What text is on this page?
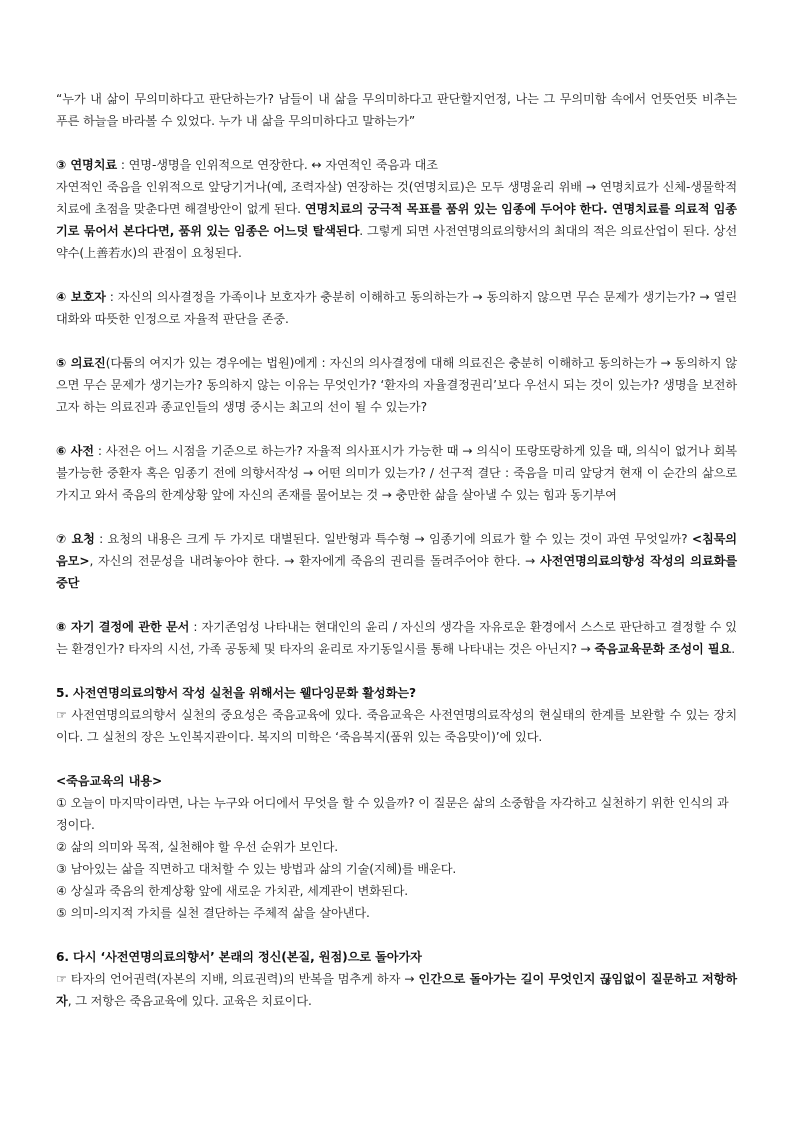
“누가 내 삶이 무의미하다고 판단하는가? 남들이 내 삶을 무의미하다고 판단할지언정, 나는 그 무의미함 속에서 언뜻언뜻 비추는 푸른 하늘을 바라볼 수 있었다. 누가 내 삶을 무의미하다고 말하는가”

③ 연명치료 : 연명-생명을 인위적으로 연장한다. ↔ 자연적인 죽음과 대조

자연적인 죽음을 인위적으로 앞당기거나(예, 조력자살) 연장하는 것(연명치료)은 모두 생명윤리 위배 → 연명치료가 신체-생물학적 치료에 초점을 맞춘다면 해결방안이 없게 된다. 연명치료의 궁극적 목표를 품위 있는 임종에 두어야 한다. 연명치료를 의료적 임종기로 묶어서 본다다면, 품위 있는 임종은 어느덧 탈색된다. 그렇게 되면 사전연명의료의향서의 최대의 적은 의료산업이 된다. 상선약수(上善若水)의 관점이 요청된다.

④ 보호자 : 자신의 의사결정을 가족이나 보호자가 충분히 이해하고 동의하는가 → 동의하지 않으면 무슨 문제가 생기는가? → 열린 대화와 따뜻한 인정으로 자율적 판단을 존중.

⑤ 의료진(다툼의 여지가 있는 경우에는 법원)에게 : 자신의 의사결정에 대해 의료진은 충분히 이해하고 동의하는가 → 동의하지 않으면 무슨 문제가 생기는가? 동의하지 않는 이유는 무엇인가? ‘환자의 자율결정권리’보다 우선시 되는 것이 있는가? 생명을 보전하고자 하는 의료진과 종교인들의 생명 중시는 최고의 선이 될 수 있는가?

⑥ 사전 : 사전은 어느 시점을 기준으로 하는가? 자율적 의사표시가 가능한 때 → 의식이 또랑또랑하게 있을 때, 의식이 없거나 회복 불가능한 중환자 혹은 임종기 전에 의향서작성 → 어떤 의미가 있는가? / 선구적 결단 : 죽음을 미리 앞당겨 현재 이 순간의 삶으로 가지고 와서 죽음의 한계상황 앞에 자신의 존재를 물어보는 것 → 충만한 삶을 살아낼 수 있는 힘과 동기부여

⑦ 요청 : 요청의 내용은 크게 두 가지로 대별된다. 일반형과 특수형 → 임종기에 의료가 할 수 있는 것이 과연 무엇일까? <침묵의 음모>, 자신의 전문성을 내려놓아야 한다. → 환자에게 죽음의 권리를 돌려주어야 한다. → 사전연명의료의향성 작성의 의료화를 중단

⑧ 자기 결정에 관한 문서 : 자기존엄성 나타내는 현대인의 윤리 / 자신의 생각을 자유로운 환경에서 스스로 판단하고 결정할 수 있는 환경인가? 타자의 시선, 가족 공동체 및 타자의 윤리로 자기동일시를 통해 나타내는 것은 아닌지? → 죽음교육문화 조성이 필요.

5. 사전연명의료의향서 작성 실천을 위해서는 웰다잉문화 활성화는?

☞ 사전연명의료의향서 실천의 중요성은 죽음교육에 있다. 죽음교육은 사전연명의료작성의 현실태의 한계를 보완할 수 있는 장치이다. 그 실천의 장은 노인복지관이다. 복지의 미학은 ‘죽음복지(품위 있는 죽음맞이)’에 있다.

<죽음교육의 내용>

① 오늘이 마지막이라면, 나는 누구와 어디에서 무엇을 할 수 있을까? 이 질문은 삶의 소중함을 자각하고 실천하기 위한 인식의 과정이다.
② 삶의 의미와 목적, 실천해야 할 우선 순위가 보인다.
③ 남아있는 삶을 직면하고 대처할 수 있는 방법과 삶의 기술(지혜)를 배운다.
④ 상실과 죽음의 한계상황 앞에 새로운 가치관, 세계관이 변화된다.
⑤ 의미-의지적 가치를 실천 결단하는 주체적 삶을 살아낸다.

6. 다시 ‘사전연명의료의향서’ 본래의 정신(본질, 원점)으로 돌아가자

☞ 타자의 언어권력(자본의 지배, 의료권력)의 반복을 멈추게 하자 → 인간으로 돌아가는 길이 무엇인지 끊임없이 질문하고 저항하자, 그 저항은 죽음교육에 있다. 교육은 치료이다.
